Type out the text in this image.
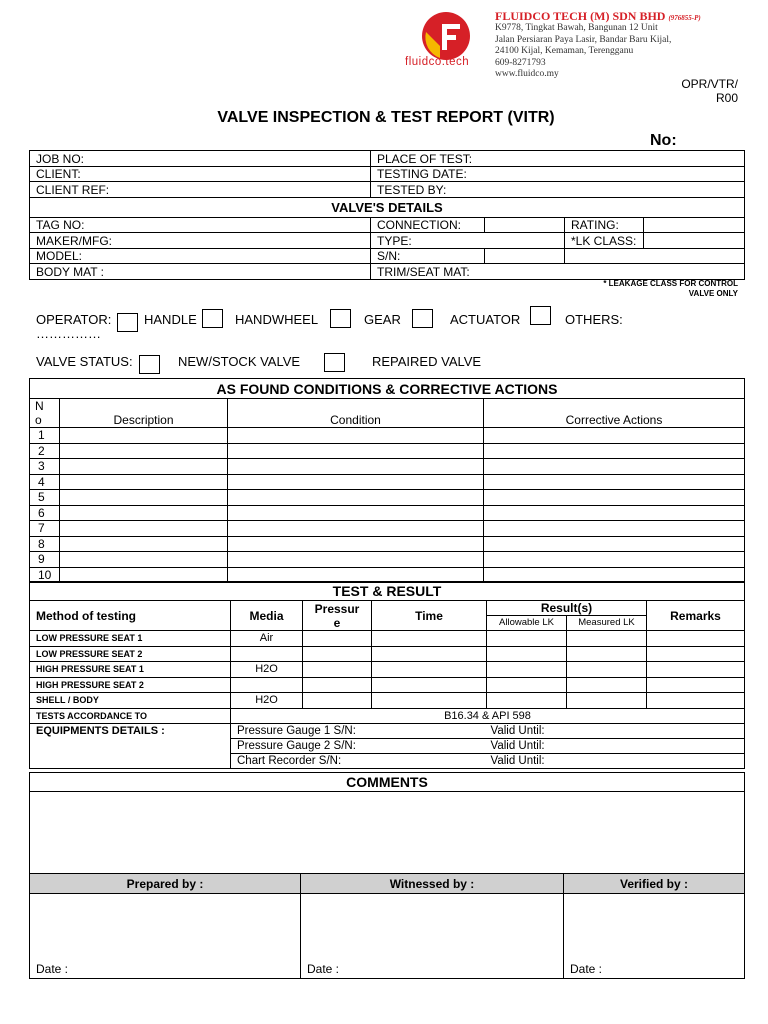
fluidco.tech
FLUIDCO TECH (M) SDN BHD (976855-P)
K9778, Tingkat Bawah, Bangunan 12 Unit
Jalan Persiaran Paya Lasir, Bandar Baru Kijal,
24100 Kijal, Kemaman, Terengganu
609-8271793
www.fluidco.my
OPR/VTR/
R00
VALVE INSPECTION & TEST REPORT (VITR)
No:
JOB NO:	PLACE OF TEST:
CLIENT:	TESTING DATE:
CLIENT REF:	TESTED BY:
VALVE'S DETAILS				
TAG NO:	CONNECTION:		RATING:	
MAKER/MFG:	TYPE:		*LK CLASS:	
MODEL:	S/N:			
BODY MAT :	TRIM/SEAT MAT:			
* LEAKAGE CLASS FOR CONTROL
VALVE ONLY
OPERATOR:	HANDLE	HANDWHEEL	GEAR	ACTUATOR	OTHERS:
……………
VALVE STATUS:	NEW/STOCK VALVE	REPAIRED VALVE
AS FOUND CONDITIONS & CORRECTIVE ACTIONS			

N
o	Description	Condition	Corrective Actions
1			
2			
3			
4			
5			
6			
7			
8			
9			
10			
TEST & RESULT						
Method of testing	Media	Pressur
e	Time	Result(s)		Remarks
				Allowable LK	Measured LK	
LOW PRESSURE SEAT 1	Air					
LOW PRESSURE SEAT 2						
HIGH PRESSURE SEAT 1	H2O					
HIGH PRESSURE SEAT 2						
SHELL / BODY	H2O					
TESTS ACCORDANCE TO	B16.34 & API 598					
EQUIPMENTS DETAILS :	Pressure Gauge 1 S/N:			Valid Until:		
	Pressure Gauge 2 S/N:			Valid Until:		
	Chart Recorder S/N:			Valid Until:		
COMMENTS

Prepared by :	Witnessed by :	Verified by :
Date :	Date :	Date :
